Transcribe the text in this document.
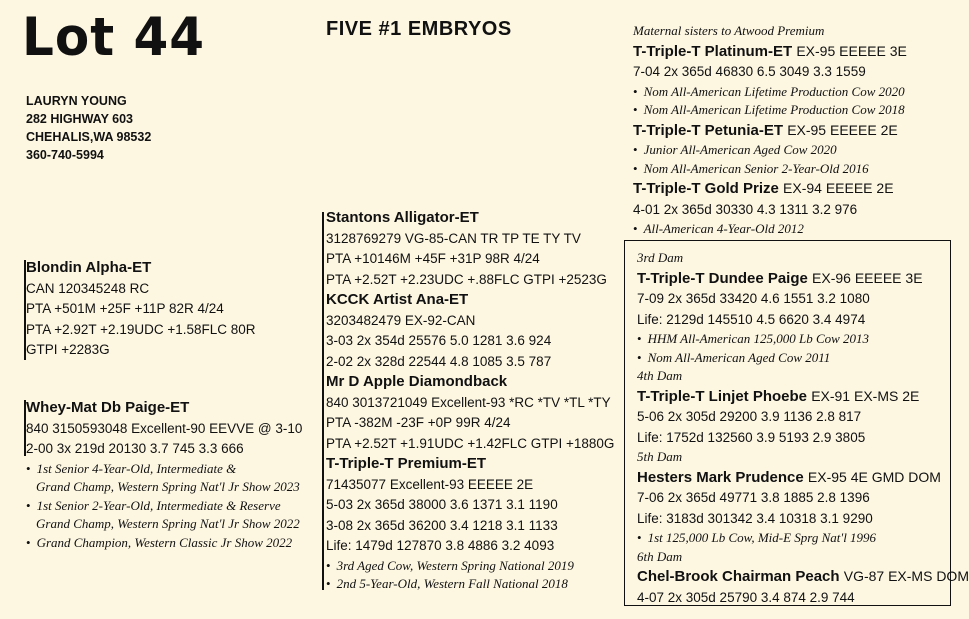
Lot 44	FIVE #1 EMBRYOS
LAURYN YOUNG
282 HIGHWAY 603
CHEHALIS,WA 98532
360-740-5994
Blondin Alpha-ET
CAN 120345248 RC
PTA +501M +25F +11P 82R 4/24
PTA +2.92T +2.19UDC +1.58FLC 80R
GTPI +2283G
Whey-Mat Db Paige-ET
840 3150593048 Excellent-90 EEVVE @ 3-10
2-00 3x 219d 20130 3.7 745 3.3 666
• 1st Senior 4-Year-Old, Intermediate &
Grand Champ, Western Spring Nat'l Jr Show 2023
• 1st Senior 2-Year-Old, Intermediate & Reserve
Grand Champ, Western Spring Nat'l Jr Show 2022
• Grand Champion, Western Classic Jr Show 2022
Stantons Alligator-ET
3128769279 VG-85-CAN TR TP TE TY TV
PTA +10146M +45F +31P 98R 4/24
PTA +2.52T +2.23UDC +.88FLC GTPI +2523G
KCCK Artist Ana-ET
3203482479 EX-92-CAN
3-03 2x 354d 25576 5.0 1281 3.6 924
2-02 2x 328d 22544 4.8 1085 3.5 787
Mr D Apple Diamondback
840 3013721049 Excellent-93 *RC *TV *TL *TY
PTA -382M -23F +0P 99R 4/24
PTA +2.52T +1.91UDC +1.42FLC GTPI +1880G
T-Triple-T Premium-ET
71435077 Excellent-93 EEEEE 2E
5-03 2x 365d 38000 3.6 1371 3.1 1190
3-08 2x 365d 36200 3.4 1218 3.1 1133
Life: 1479d 127870 3.8 4886 3.2 4093
• 3rd Aged Cow, Western Spring National 2019
• 2nd 5-Year-Old, Western Fall National 2018
Maternal sisters to Atwood Premium
T-Triple-T Platinum-ET EX-95 EEEEE 3E
7-04 2x 365d 46830 6.5 3049 3.3 1559
• Nom All-American Lifetime Production Cow 2020
• Nom All-American Lifetime Production Cow 2018
T-Triple-T Petunia-ET EX-95 EEEEE 2E
• Junior All-American Aged Cow 2020
• Nom All-American Senior 2-Year-Old 2016
T-Triple-T Gold Prize EX-94 EEEEE 2E
4-01 2x 365d 30330 4.3 1311 3.2 976
• All-American 4-Year-Old 2012
3rd Dam
T-Triple-T Dundee Paige EX-96 EEEEE 3E
7-09 2x 365d 33420 4.6 1551 3.2 1080
Life: 2129d 145510 4.5 6620 3.4 4974
• HHM All-American 125,000 Lb Cow 2013
• Nom All-American Aged Cow 2011
4th Dam
T-Triple-T Linjet Phoebe EX-91 EX-MS 2E
5-06 2x 305d 29200 3.9 1136 2.8 817
Life: 1752d 132560 3.9 5193 2.9 3805
5th Dam
Hesters Mark Prudence EX-95 4E GMD DOM
7-06 2x 365d 49771 3.8 1885 2.8 1396
Life: 3183d 301342 3.4 10318 3.1 9290
• 1st 125,000 Lb Cow, Mid-E Sprg Nat'l 1996
6th Dam
Chel-Brook Chairman Peach VG-87 EX-MS DOM
4-07 2x 305d 25790 3.4 874 2.9 744
